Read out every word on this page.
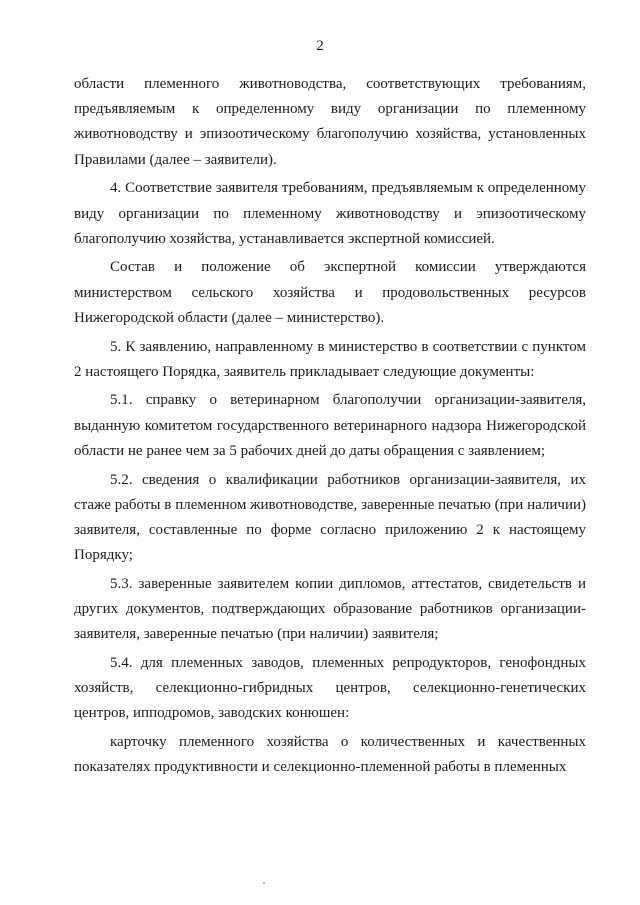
2

области племенного животноводства, соответствующих требованиям, предъявляемым к определенному виду организации по племенному животноводству и эпизоотическому благополучию хозяйства, установленных Правилами (далее – заявители).

4. Соответствие заявителя требованиям, предъявляемым к определенному виду организации по племенному животноводству и эпизоотическому благополучию хозяйства, устанавливается экспертной комиссией.

Состав и положение об экспертной комиссии утверждаются министерством сельского хозяйства и продовольственных ресурсов Нижегородской области (далее – министерство).

5. К заявлению, направленному в министерство в соответствии с пунктом 2 настоящего Порядка, заявитель прикладывает следующие документы:

5.1. справку о ветеринарном благополучии организации-заявителя, выданную комитетом государственного ветеринарного надзора Нижегородской области не ранее чем за 5 рабочих дней до даты обращения с заявлением;

5.2. сведения о квалификации работников организации-заявителя, их стаже работы в племенном животноводстве, заверенные печатью (при наличии) заявителя, составленные по форме согласно приложению 2 к настоящему Порядку;

5.3. заверенные заявителем копии дипломов, аттестатов, свидетельств и других документов, подтверждающих образование работников организации-заявителя, заверенные печатью (при наличии) заявителя;

5.4. для племенных заводов, племенных репродукторов, генофондных хозяйств, селекционно-гибридных центров, селекционно-генетических центров, ипподромов, заводских конюшен:

карточку племенного хозяйства о количественных и качественных показателях продуктивности и селекционно-племенной работы в племенных
